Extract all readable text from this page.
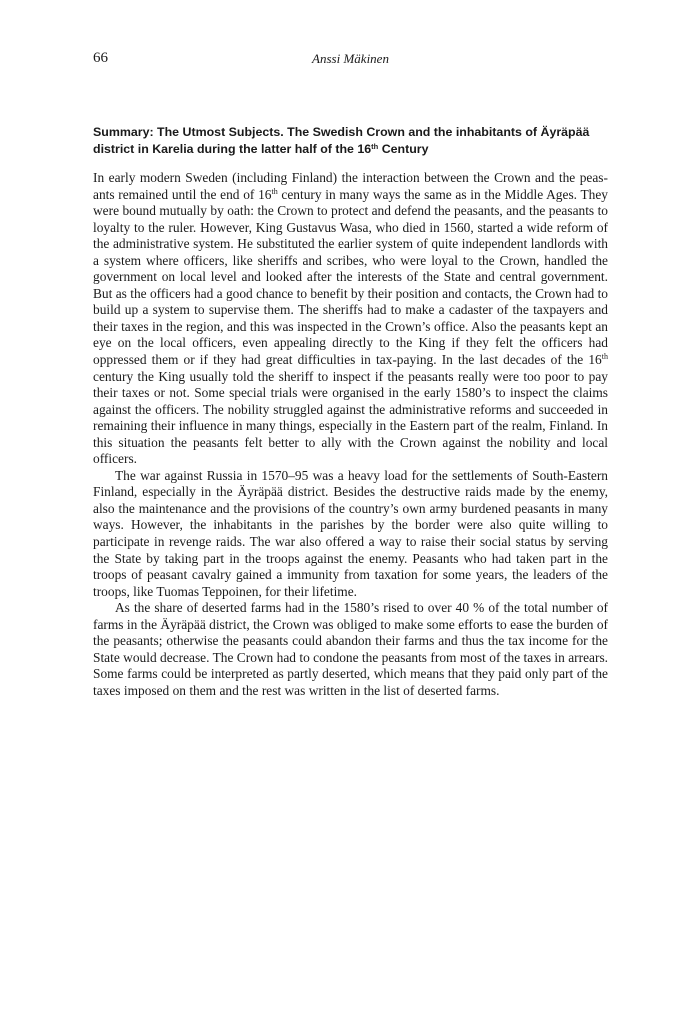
66	Anssi Mäkinen
Summary: The Utmost Subjects. The Swedish Crown and the inhabitants of Äyräpää district in Karelia during the latter half of the 16th Century

In early modern Sweden (including Finland) the interaction between the Crown and the peasants remained until the end of 16th century in many ways the same as in the Middle Ages. They were bound mutually by oath: the Crown to protect and defend the peasants, and the peasants to loyalty to the ruler. However, King Gustavus Wasa, who died in 1560, started a wide reform of the administrative system. He substituted the earlier system of quite independent landlords with a system where officers, like sheriffs and scribes, who were loyal to the Crown, handled the government on local level and looked after the interests of the State and central government. But as the officers had a good chance to benefit by their position and contacts, the Crown had to build up a system to supervise them. The sheriffs had to make a cadaster of the taxpayers and their taxes in the region, and this was inspected in the Crown’s office. Also the peasants kept an eye on the local officers, even appealing directly to the King if they felt the officers had oppressed them or if they had great difficulties in tax-paying. In the last decades of the 16th century the King usually told the sheriff to inspect if the peasants really were too poor to pay their taxes or not. Some special trials were organised in the early 1580’s to inspect the claims against the officers. The nobility struggled against the administrative reforms and succeeded in remaining their influence in many things, especially in the Eastern part of the realm, Finland. In this situation the peasants felt better to ally with the Crown against the nobility and local officers.

The war against Russia in 1570–95 was a heavy load for the settlements of South-Eastern Finland, especially in the Äyräpää district. Besides the destructive raids made by the enemy, also the maintenance and the provisions of the country’s own army burdened peasants in many ways. However, the inhabitants in the parishes by the border were also quite willing to participate in revenge raids. The war also offered a way to raise their social status by serving the State by taking part in the troops against the enemy. Peasants who had taken part in the troops of peasant cavalry gained a immunity from taxation for some years, the leaders of the troops, like Tuomas Teppoinen, for their lifetime.

As the share of deserted farms had in the 1580’s rised to over 40 % of the total number of farms in the Äyräpää district, the Crown was obliged to make some efforts to ease the burden of the peasants; otherwise the peasants could abandon their farms and thus the tax income for the State would decrease. The Crown had to condone the peasants from most of the taxes in arrears. Some farms could be interpreted as partly deserted, which means that they paid only part of the taxes imposed on them and the rest was written in the list of deserted farms.
